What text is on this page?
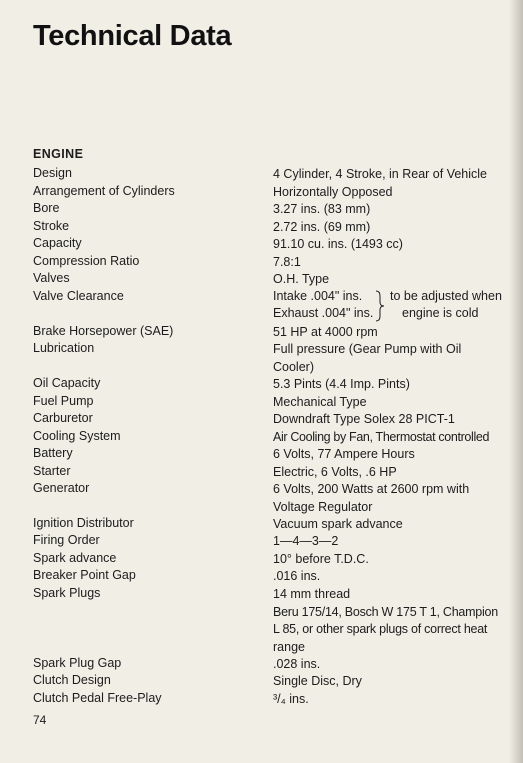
Technical Data
ENGINE
Design	4 Cylinder, 4 Stroke, in Rear of Vehicle
Arrangement of Cylinders	Horizontally Opposed
Bore	3.27 ins. (83 mm)
Stroke	2.72 ins. (69 mm)
Capacity	91.10 cu. ins. (1493 cc)
Compression Ratio	7.8:1
Valves	O.H. Type
Valve Clearance	Intake .004" ins.
Exhaust .004" ins.
to be adjusted when
engine is cold
Brake Horsepower (SAE)	51 HP at 4000 rpm
Lubrication	Full pressure (Gear Pump with Oil
Cooler)
Oil Capacity	5.3 Pints (4.4 Imp. Pints)
Fuel Pump	Mechanical Type
Carburetor	Downdraft Type Solex 28 PICT-1
Cooling System	Air Cooling by Fan, Thermostat controlled
Battery	6 Volts, 77 Ampere Hours
Starter	Electric, 6 Volts, .6 HP
Generator	6 Volts, 200 Watts at 2600 rpm with
Voltage Regulator
Ignition Distributor	Vacuum spark advance
Firing Order	1—4—3—2
Spark advance	10° before T.D.C.
Breaker Point Gap	.016 ins.
Spark Plugs	14 mm thread
Beru 175/14, Bosch W 175 T 1, Champion
L 85, or other spark plugs of correct heat
range
Spark Plug Gap	.028 ins.
Clutch Design	Single Disc, Dry
Clutch Pedal Free-Play	³/₄ ins.
74
